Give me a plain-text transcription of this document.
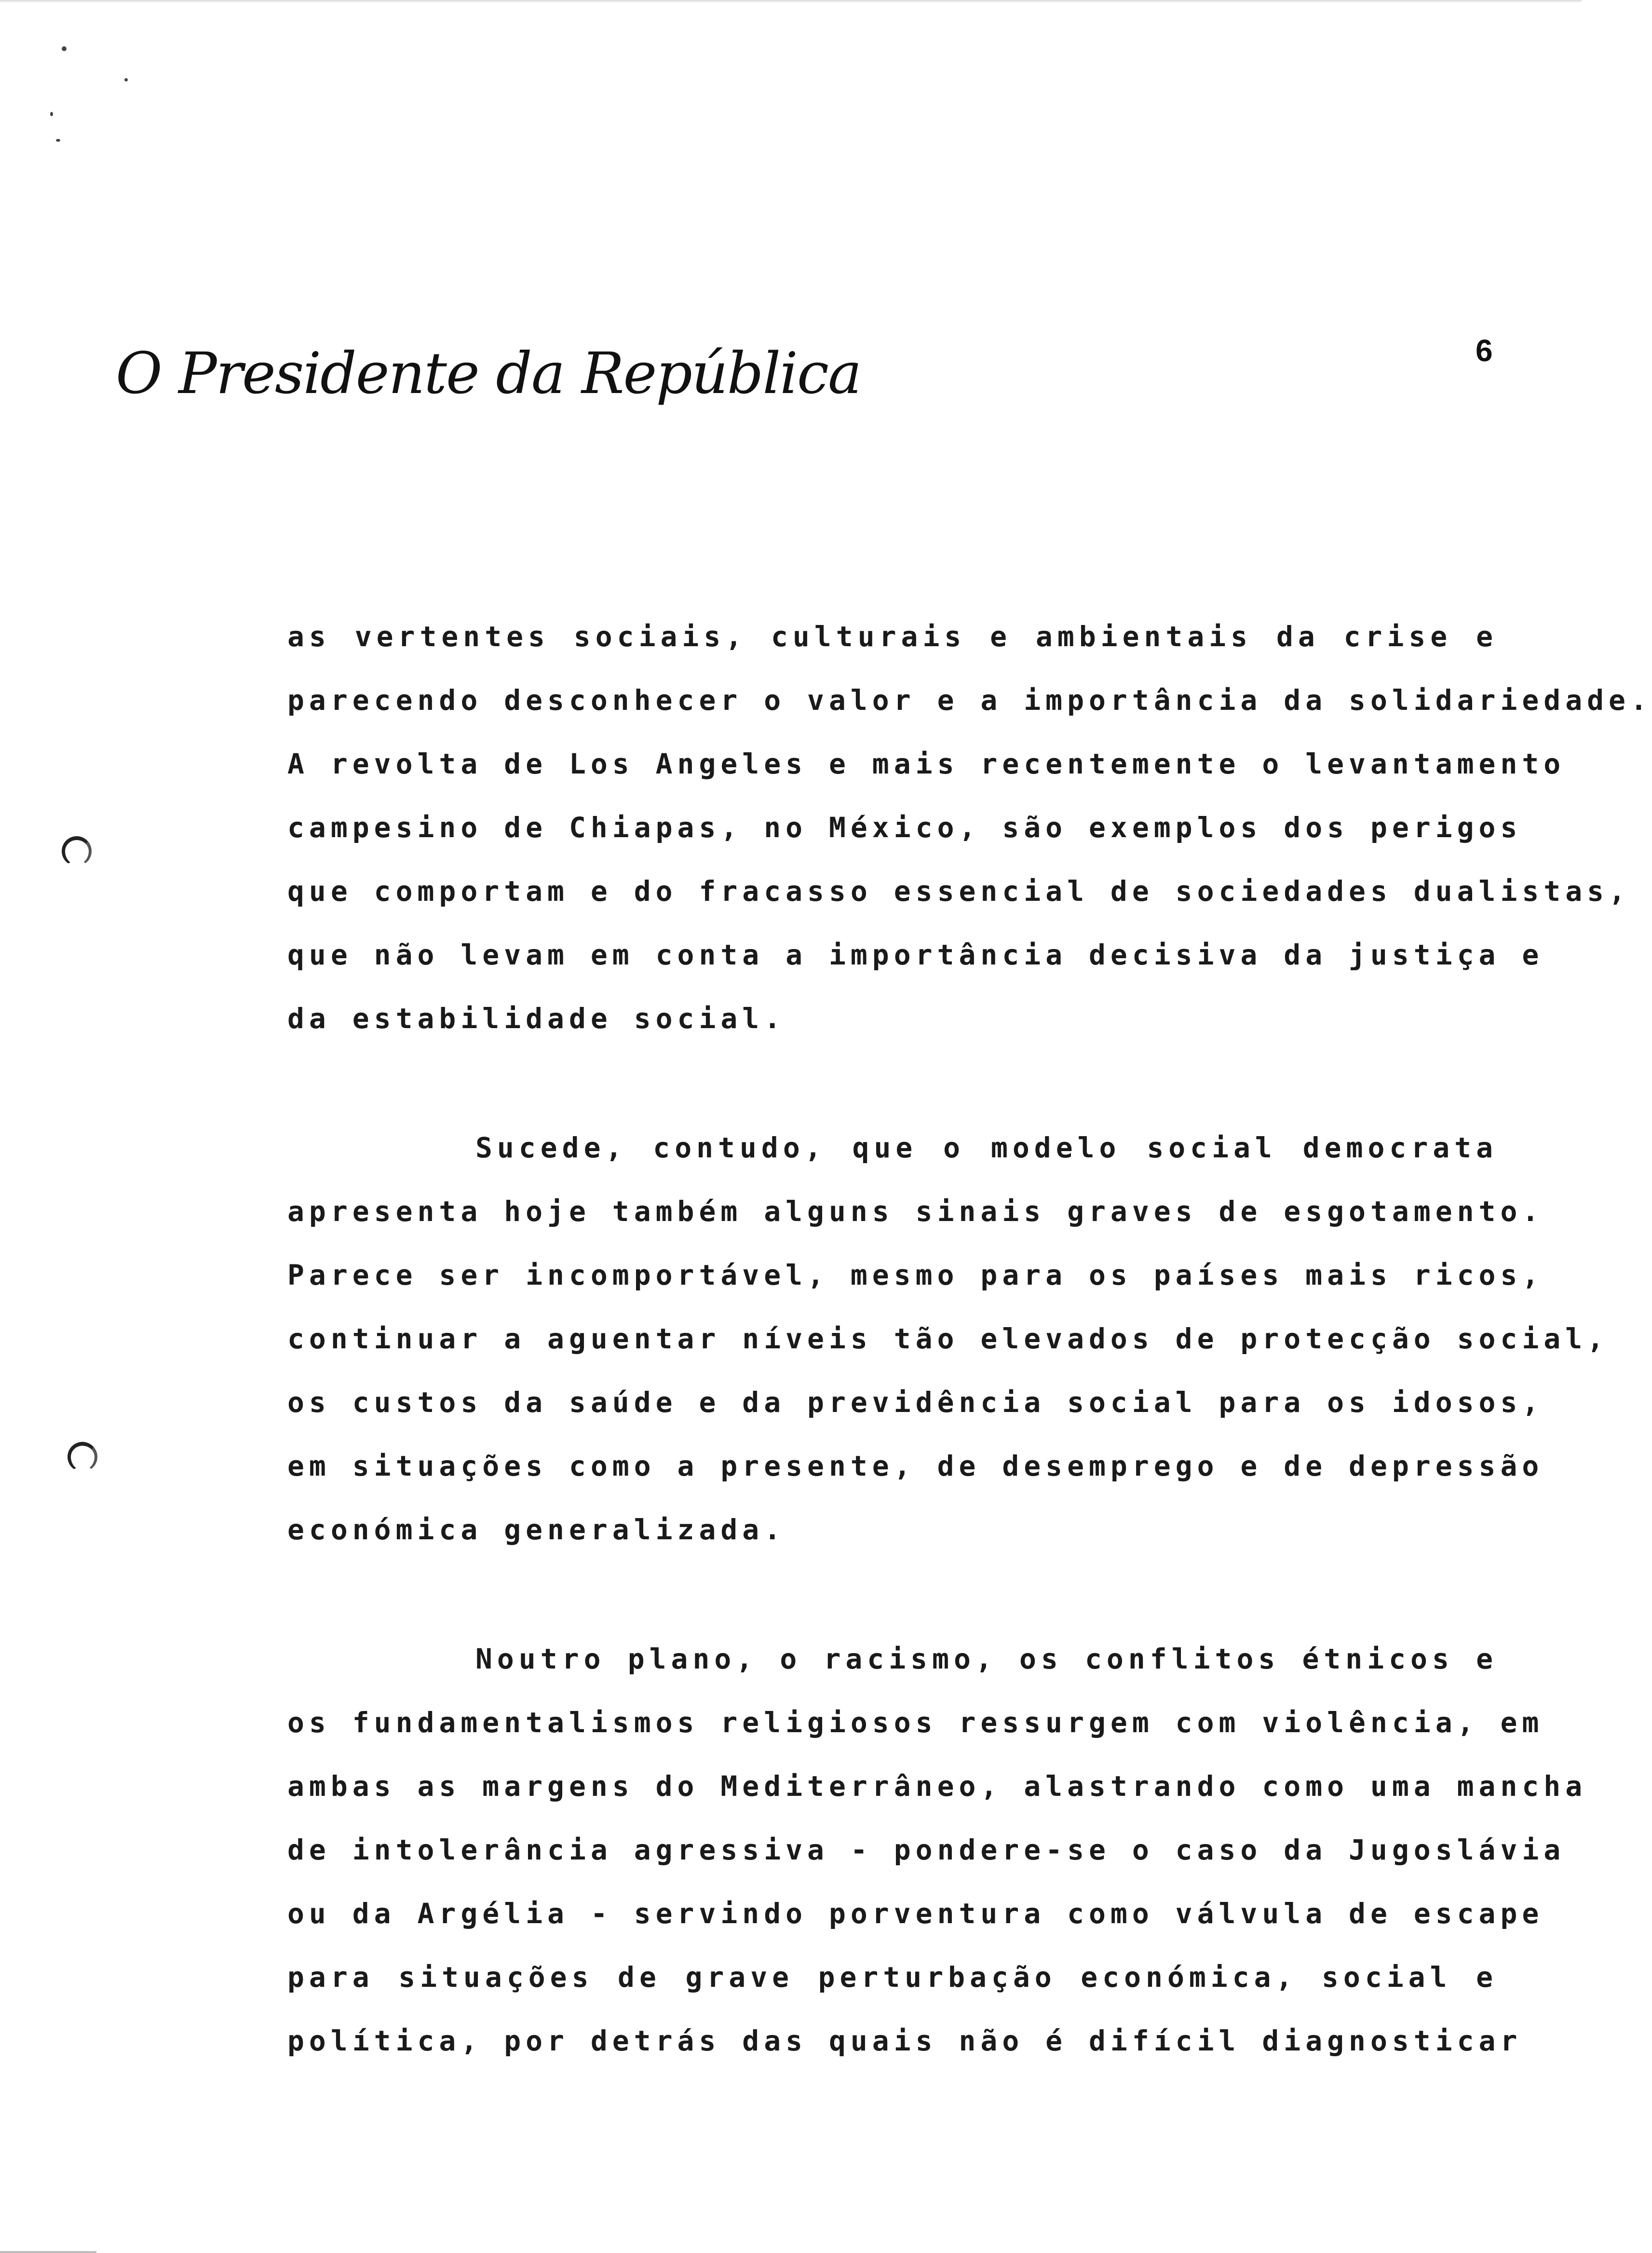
O Presidente da República	6
as vertentes sociais, culturais e ambientais da crise e
parecendo desconhecer o valor e a importância da solidariedade.
A revolta de Los Angeles e mais recentemente o levantamento
campesino de Chiapas, no México, são exemplos dos perigos
que comportam e do fracasso essencial de sociedades dualistas,
que não levam em conta a importância decisiva da justiça e
da estabilidade social.
Sucede, contudo, que o modelo social democrata
apresenta hoje também alguns sinais graves de esgotamento.
Parece ser incomportável, mesmo para os países mais ricos,
continuar a aguentar níveis tão elevados de protecção social,
os custos da saúde e da previdência social para os idosos,
em situações como a presente, de desemprego e de depressão
económica generalizada.
Noutro plano, o racismo, os conflitos étnicos e
os fundamentalismos religiosos ressurgem com violência, em
ambas as margens do Mediterrâneo, alastrando como uma mancha
de intolerância agressiva - pondere-se o caso da Jugoslávia
ou da Argélia - servindo porventura como válvula de escape
para situações de grave perturbação económica, social e
política, por detrás das quais não é difícil diagnosticar
